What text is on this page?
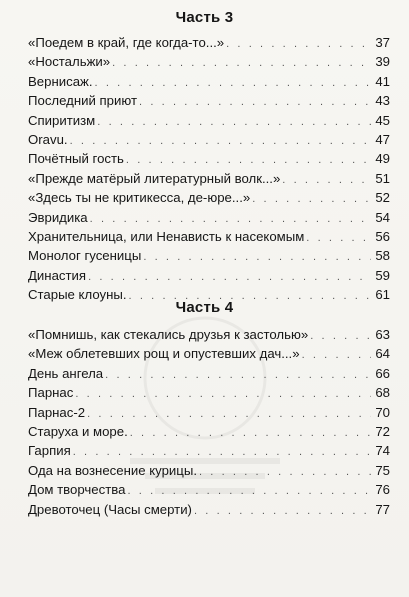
Часть 3
«Поедем в край, где когда-то...» . . .	37
«Ностальжи» . . .	39
Вернисаж. . . .	41
Последний приют . . .	43
Спиритизм . . .	45
Oravu. . . .	47
Почётный гость . . .	49
«Прежде матёрый литературный волк...» . . .	51
«Здесь ты не критикесса, де-юре...» . . .	52
Эвридика . . .	54
Хранительница, или Ненависть к насекомым . . .	56
Монолог гусеницы . . .	58
Династия . . .	59
Старые клоуны. . . .	61
Часть 4
«Помнишь, как стекались друзья к застолью» . . .	63
«Меж облетевших рощ и опустевших дач...» . . .	64
День ангела . . .	66
Парнас . . .	68
Парнас-2 . . .	70
Старуха и море. . . .	72
Гарпия . . .	74
Ода на вознесение курицы. . . .	75
Дом творчества . . .	76
Древоточец (Часы смерти) . . .	77
